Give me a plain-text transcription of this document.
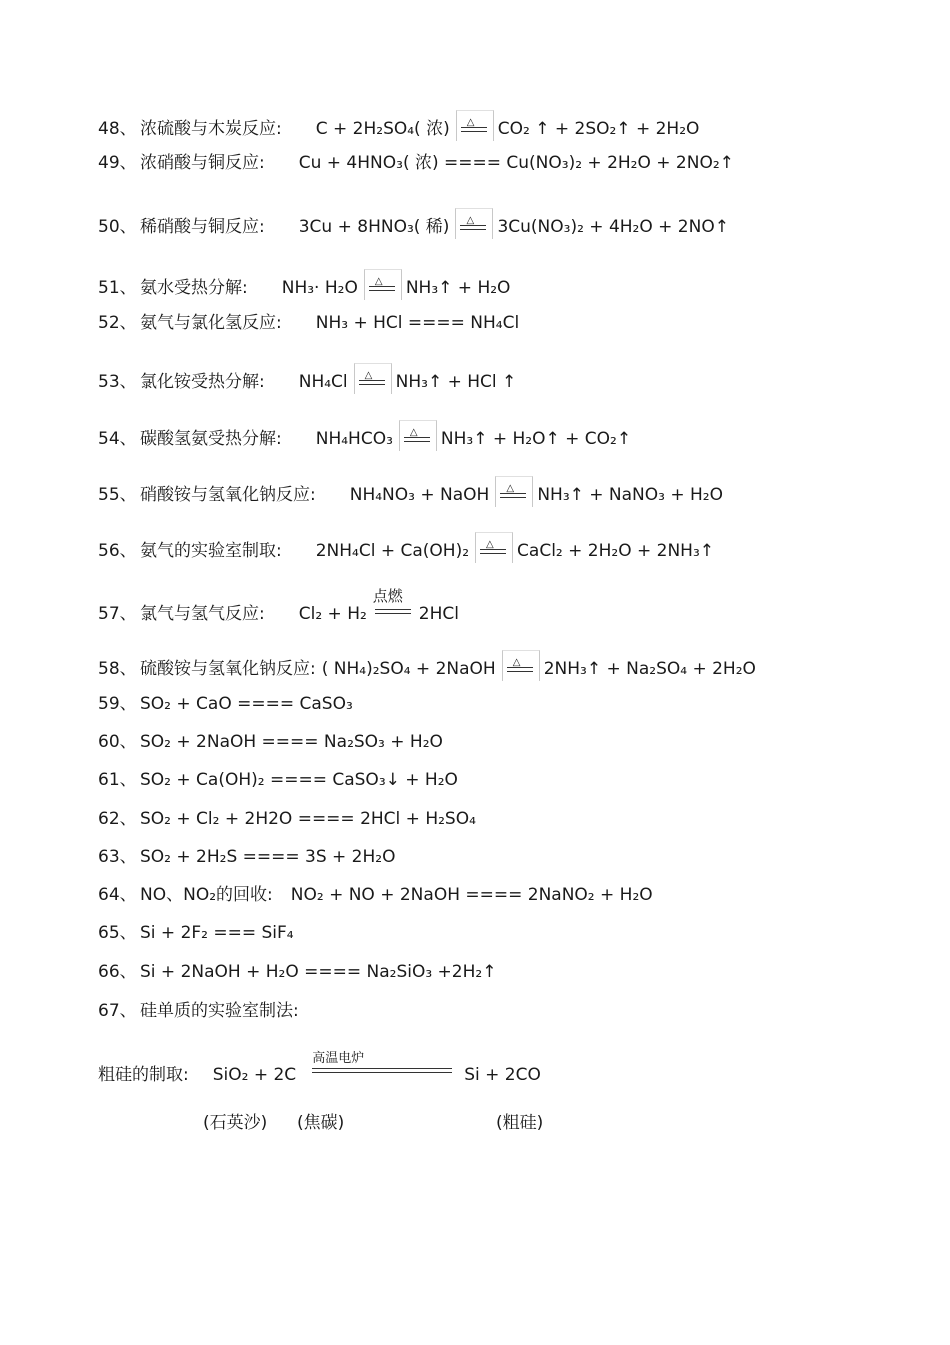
48、 浓硫酸与木炭反应: C + 2H₂SO₄( 浓) △ CO₂ ↑ + 2SO₂↑ + 2H₂O
49、 浓硝酸与铜反应: Cu + 4HNO₃( 浓) ==== Cu(NO₃)₂ + 2H₂O + 2NO₂↑
50、 稀硝酸与铜反应: 3Cu + 8HNO₃( 稀) △ 3Cu(NO₃)₂ + 4H₂O + 2NO↑
51、 氨水受热分解: NH₃· H₂O △ NH₃↑ + H₂O
52、 氨气与氯化氢反应: NH₃ + HCl ==== NH₄Cl
53、 氯化铵受热分解: NH₄Cl △ NH₃↑ + HCl ↑
54、 碳酸氢氨受热分解: NH₄HCO₃ △ NH₃↑ + H₂O↑ + CO₂↑
55、 硝酸铵与氢氧化钠反应: NH₄NO₃ + NaOH △ NH₃↑ + NaNO₃ + H₂O
56、 氨气的实验室制取: 2NH₄Cl + Ca(OH)₂ △ CaCl₂ + 2H₂O + 2NH₃↑
57、 氯气与氢气反应: Cl₂ + H₂
点燃
2HCl
58、 硫酸铵与氢氧化钠反应: ( NH₄)₂SO₄ + 2NaOH △ 2NH₃↑ + Na₂SO₄ + 2H₂O
59、 SO₂ + CaO ==== CaSO₃
60、 SO₂ + 2NaOH ==== Na₂SO₃ + H₂O
61、 SO₂ + Ca(OH)₂ ==== CaSO₃↓ + H₂O
62、 SO₂ + Cl₂ + 2H2O ==== 2HCl + H₂SO₄
63、 SO₂ + 2H₂S ==== 3S + 2H₂O
64、 NO、NO₂的回收: NO₂ + NO + 2NaOH ==== 2NaNO₂ + H₂O
65、 Si + 2F₂ === SiF₄
66、 Si + 2NaOH + H₂O ==== Na₂SiO₃ +2H₂↑
67、 硅单质的实验室制法:
粗硅的制取: SiO₂ + 2C
高温电炉
Si + 2CO
(石英沙) (焦碳)	(粗硅)
